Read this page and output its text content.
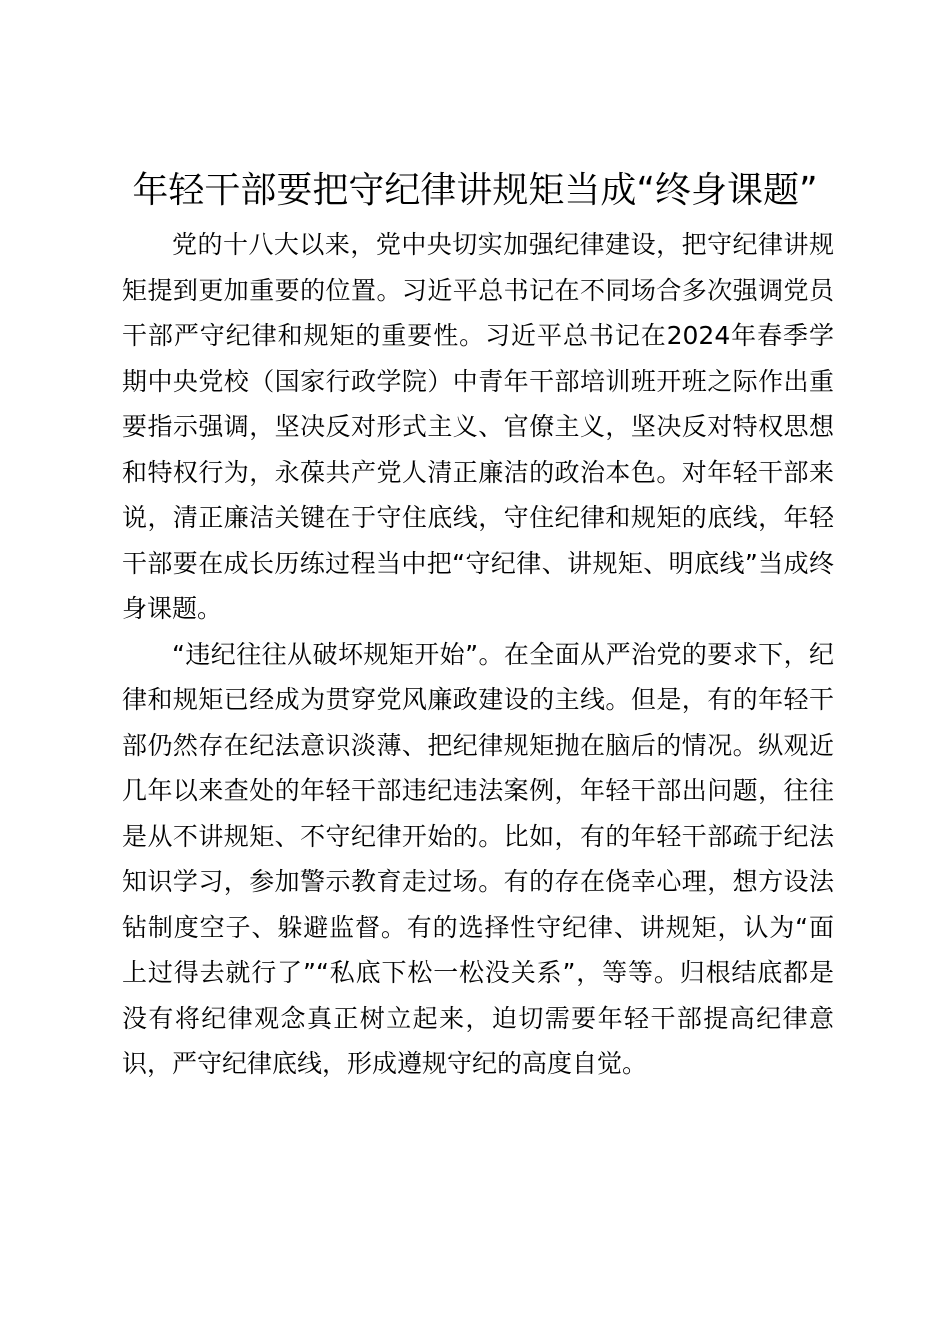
年轻干部要把守纪律讲规矩当成“终身课题”

党的十八大以来，党中央切实加强纪律建设，把守纪律讲规矩提到更加重要的位置。习近平总书记在不同场合多次强调党员干部严守纪律和规矩的重要性。习近平总书记在2024年春季学期中央党校（国家行政学院）中青年干部培训班开班之际作出重要指示强调，坚决反对形式主义、官僚主义，坚决反对特权思想和特权行为，永葆共产党人清正廉洁的政治本色。对年轻干部来说，清正廉洁关键在于守住底线，守住纪律和规矩的底线，年轻干部要在成长历练过程当中把“守纪律、讲规矩、明底线”当成终身课题。

“违纪往往从破坏规矩开始”。在全面从严治党的要求下，纪律和规矩已经成为贯穿党风廉政建设的主线。但是，有的年轻干部仍然存在纪法意识淡薄、把纪律规矩抛在脑后的情况。纵观近几年以来查处的年轻干部违纪违法案例，年轻干部出问题，往往是从不讲规矩、不守纪律开始的。比如，有的年轻干部疏于纪法知识学习，参加警示教育走过场。有的存在侥幸心理，想方设法钻制度空子、躲避监督。有的选择性守纪律、讲规矩，认为“面上过得去就行了”“私底下松一松没关系”，等等。归根结底都是没有将纪律观念真正树立起来，迫切需要年轻干部提高纪律意识，严守纪律底线，形成遵规守纪的高度自觉。
